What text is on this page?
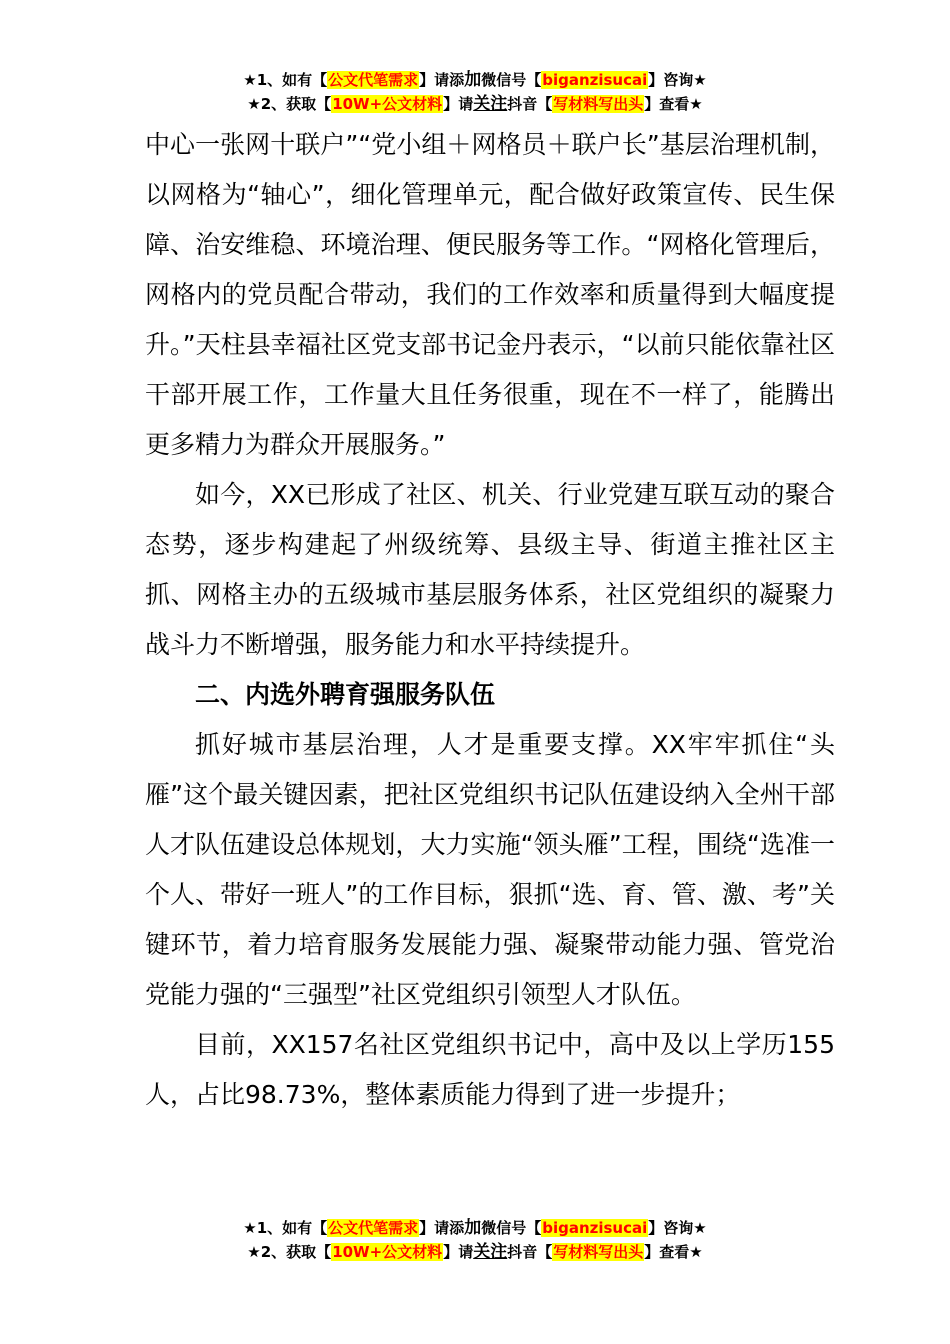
★1、如有【公文代笔需求】请添加微信号【biganzisucai】咨询★
★2、获取【10W+公文材料】请关注抖音【写材料写出头】查看★

中心一张网十联户”“党小组＋网格员＋联户长”基层治理机制，以网格为“轴心”，细化管理单元，配合做好政策宣传、民生保障、治安维稳、环境治理、便民服务等工作。“网格化管理后，网格内的党员配合带动，我们的工作效率和质量得到大幅度提升。”天柱县幸福社区党支部书记金丹表示，“以前只能依靠社区干部开展工作，工作量大且任务很重，现在不一样了，能腾出更多精力为群众开展服务。”

如今，XX已形成了社区、机关、行业党建互联互动的聚合态势，逐步构建起了州级统筹、县级主导、街道主推社区主抓、网格主办的五级城市基层服务体系，社区党组织的凝聚力战斗力不断增强，服务能力和水平持续提升。

二、内选外聘育强服务队伍

抓好城市基层治理，人才是重要支撑。XX牢牢抓住“头雁”这个最关键因素，把社区党组织书记队伍建设纳入全州干部人才队伍建设总体规划，大力实施“领头雁”工程，围绕“选准一个人、带好一班人”的工作目标，狠抓“选、育、管、激、考”关键环节，着力培育服务发展能力强、凝聚带动能力强、管党治党能力强的“三强型”社区党组织引领型人才队伍。

目前，XX157名社区党组织书记中，高中及以上学历155人，占比98.73%，整体素质能力得到了进一步提升；

★1、如有【公文代笔需求】请添加微信号【biganzisucai】咨询★
★2、获取【10W+公文材料】请关注抖音【写材料写出头】查看★
